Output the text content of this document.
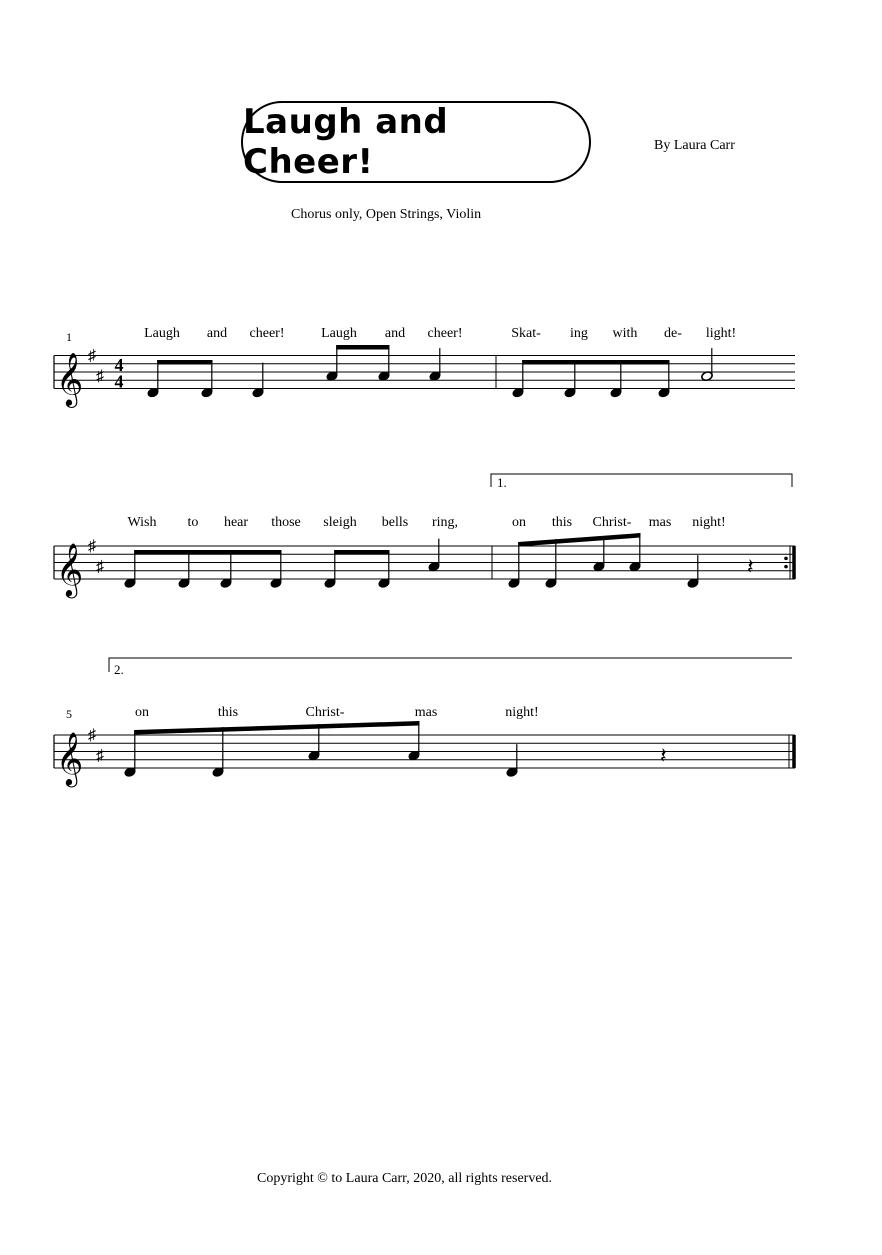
Laugh and Cheer!	By Laura Carr
Chorus only, Open Strings, Violin
𝄞 ♯
♯
𝄞 ♯
♯
𝄞 ♯
♯
4
4
1
5
Laugh and cheer!	Laugh and cheer!	Skat- ing with de- light!
𝄽
Wish to hear those sleigh bells ring,	on this Christ- mas night!
1.
𝄽
on	this	Christ-	mas	night!
2.
Copyright © to Laura Carr, 2020, all rights reserved.
